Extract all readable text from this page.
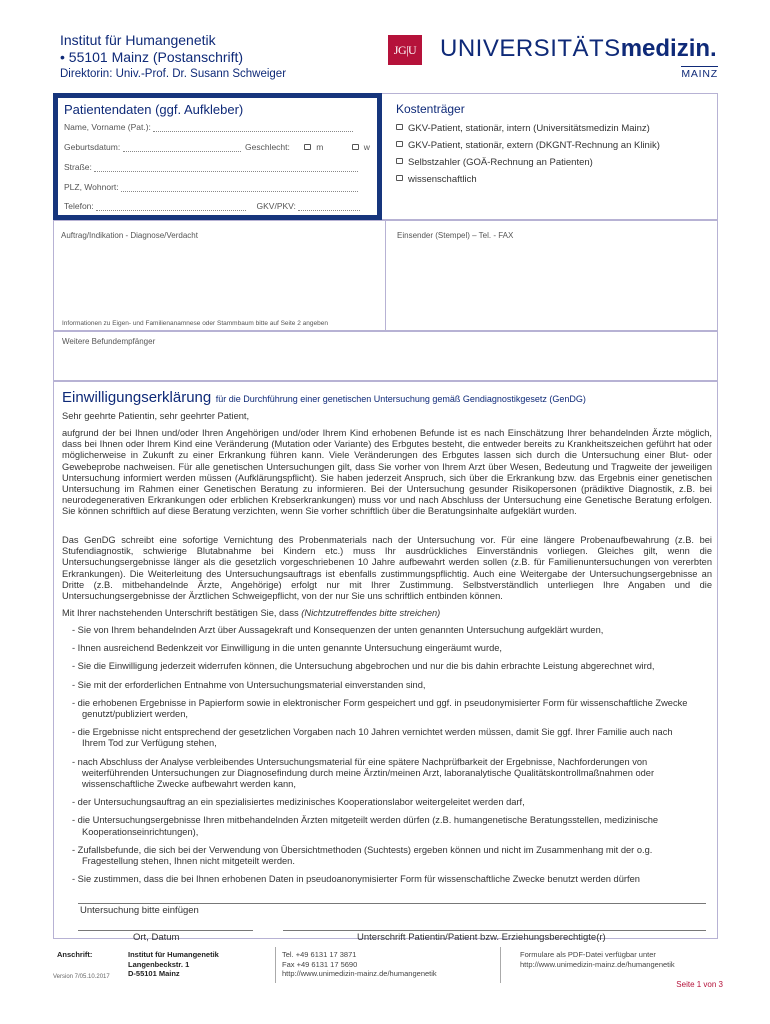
Institut für Humangenetik
• 55101 Mainz (Postanschrift)
Direktorin: Univ.-Prof. Dr. Susann Schweiger
JG|U UNIVERSITÄTSmedizin.
MAINZ
Patientendaten (ggf. Aufkleber)
Name, Vorname (Pat.):
Geburtsdatum:	Geschlecht:	m	w
Straße:
PLZ, Wohnort:
Telefon:	GKV/PKV:
Kostenträger
GKV-Patient, stationär, intern (Universitätsmedizin Mainz)
GKV-Patient, stationär, extern (DKGNT-Rechnung an Klinik)
Selbstzahler (GOÄ-Rechnung an Patienten)
wissenschaftlich
Auftrag/Indikation - Diagnose/Verdacht	Einsender (Stempel) – Tel. - FAX
Informationen zu Eigen- und Familienanamnese oder Stammbaum bitte auf Seite 2 angeben
Weitere Befundempfänger
Einwilligungserklärung für die Durchführung einer genetischen Untersuchung gemäß Gendiagnostikgesetz (GenDG)
Sehr geehrte Patientin, sehr geehrter Patient,
aufgrund der bei Ihnen und/oder Ihren Angehörigen und/oder Ihrem Kind erhobenen Befunde ist es nach Einschätzung Ihrer behandelnden Ärzte möglich, dass bei Ihnen oder Ihrem Kind eine Veränderung (Mutation oder Variante) des Erbgutes besteht, die entweder bereits zu Krankheitszeichen geführt hat oder möglicherweise in Zukunft zu einer Erkrankung führen kann. Viele Veränderungen des Erbgutes lassen sich durch die Untersuchung einer Blut- oder Gewebeprobe nachweisen. Für alle genetischen Untersuchungen gilt, dass Sie vorher von Ihrem Arzt über Wesen, Bedeutung und Tragweite der jeweiligen Untersuchung informiert werden müssen (Aufklärungspflicht). Sie haben jederzeit Anspruch, sich über die Erkrankung bzw. das Ergebnis einer genetischen Untersuchung im Rahmen einer Genetischen Beratung zu informieren. Bei der Untersuchung gesunder Risikopersonen (prädiktive Diagnostik, z.B. bei neurodegenerativen Erkrankungen oder erblichen Krebserkrankungen) muss vor und nach Abschluss der Untersuchung eine Genetische Beratung erfolgen. Sie können schriftlich auf diese Beratung verzichten, wenn Sie vorher schriftlich über die Beratungsinhalte aufgeklärt wurden.
Das GenDG schreibt eine sofortige Vernichtung des Probenmaterials nach der Untersuchung vor. Für eine längere Probenaufbewahrung (z.B. bei Stufendiagnostik, schwierige Blutabnahme bei Kindern etc.) muss Ihr ausdrückliches Einverständnis vorliegen. Gleiches gilt, wenn die Untersuchungsergebnisse länger als die gesetzlich vorgeschriebenen 10 Jahre aufbewahrt werden sollen (z.B. für Familienuntersuchungen von vererbten Erkrankungen). Die Weiterleitung des Untersuchungsauftrags ist ebenfalls zustimmungspflichtig. Auch eine Weitergabe der Untersuchungsergebnisse an Dritte (z.B. mitbehandelnde Ärzte, Angehörige) erfolgt nur mit Ihrer Zustimmung. Selbstverständlich unterliegen Ihre Angaben und die Untersuchungsergebnisse der Ärztlichen Schweigepflicht, von der nur Sie uns schriftlich entbinden können.
Mit Ihrer nachstehenden Unterschrift bestätigen Sie, dass (Nichtzutreffendes bitte streichen)
- Sie von Ihrem behandelnden Arzt über Aussagekraft und Konsequenzen der unten genannten Untersuchung aufgeklärt wurden,
- Ihnen ausreichend Bedenkzeit vor Einwilligung in die unten genannte Untersuchung eingeräumt wurde,
- Sie die Einwilligung jederzeit widerrufen können, die Untersuchung abgebrochen und nur die bis dahin erbrachte Leistung abgerechnet wird,
- Sie mit der erforderlichen Entnahme von Untersuchungsmaterial einverstanden sind,
- die erhobenen Ergebnisse in Papierform sowie in elektronischer Form gespeichert und ggf. in pseudonymisierter Form für wissenschaftliche Zwecke genutzt/publiziert werden,
- die Ergebnisse nicht entsprechend der gesetzlichen Vorgaben nach 10 Jahren vernichtet werden müssen, damit Sie ggf. Ihrer Familie auch nach Ihrem Tod zur Verfügung stehen,
- nach Abschluss der Analyse verbleibendes Untersuchungsmaterial für eine spätere Nachprüfbarkeit der Ergebnisse, Nachforderungen von weiterführenden Untersuchungen zur Diagnosefindung durch meine Ärztin/meinen Arzt, laboranalytische Qualitätskontrollmaßnahmen oder wissenschaftliche Zwecke aufbewahrt werden kann,
- der Untersuchungsauftrag an ein spezialisiertes medizinisches Kooperationslabor weitergeleitet werden darf,
- die Untersuchungsergebnisse Ihren mitbehandelnden Ärzten mitgeteilt werden dürfen (z.B. humangenetische Beratungsstellen, medizinische Kooperationseinrichtungen),
- Zufallsbefunde, die sich bei der Verwendung von Übersichtmethoden (Suchtests) ergeben können und nicht im Zusammenhang mit der o.g. Fragestellung stehen, Ihnen nicht mitgeteilt werden.
- Sie zustimmen, dass die bei Ihnen erhobenen Daten in pseudoanonymisierter Form für wissenschaftliche Zwecke benutzt werden dürfen
Untersuchung bitte einfügen
Ort, Datum	Unterschrift Patientin/Patient bzw. Erziehungsberechtigte(r)
Anschrift:
Version 7/05.10.2017
Institut für Humangenetik
Langenbeckstr. 1
D-55101 Mainz
Tel. +49 6131 17 3871
Fax +49 6131 17 5690
http://www.unimedizin-mainz.de/humangenetik
Formulare als PDF-Datei verfügbar unter
http://www.unimedizin-mainz.de/humangenetik
Seite 1 von 3
